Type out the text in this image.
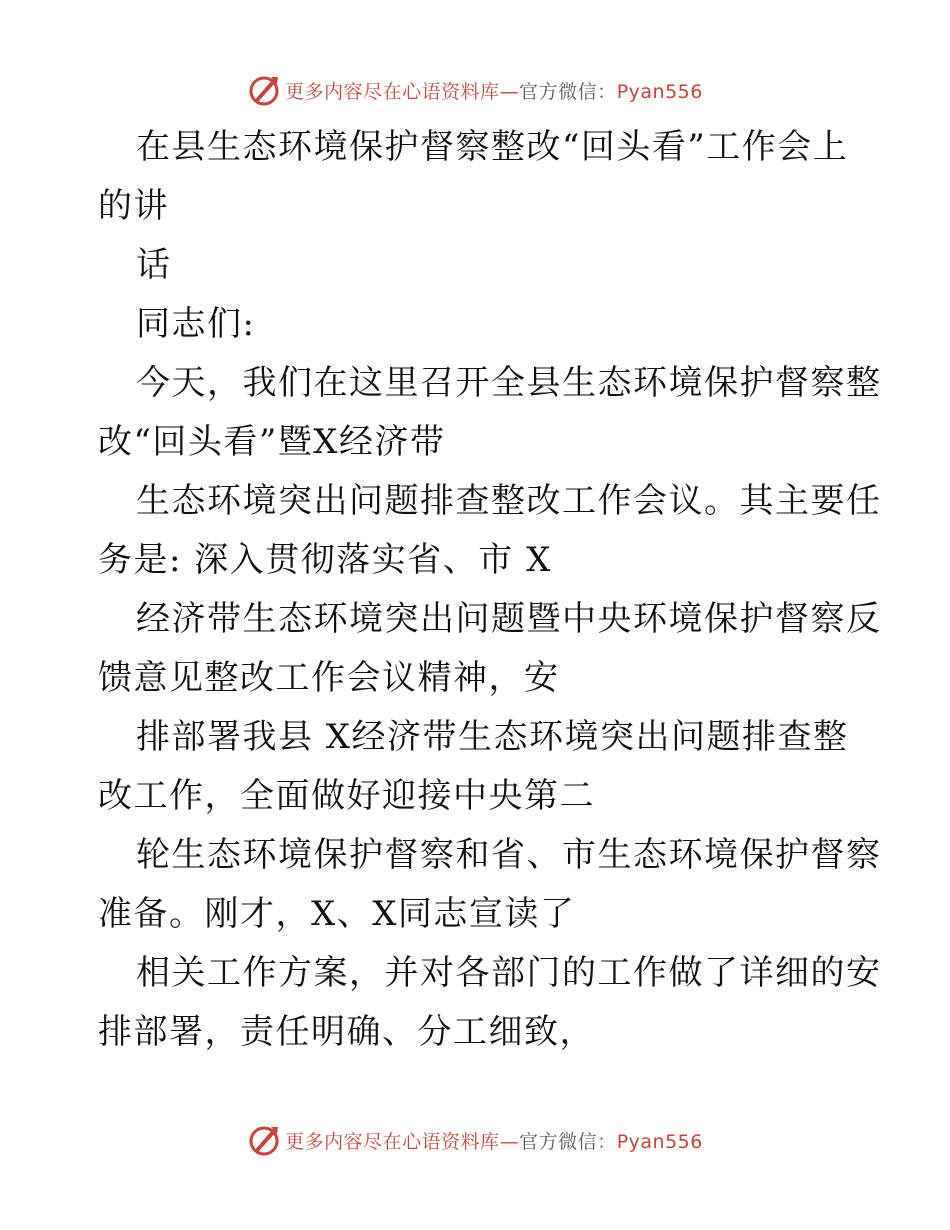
更多内容尽在心语资料库—官方微信：Pyan556
在县生态环境保护督察整改“回头看”工作会上
的讲
话
同志们:
今天，我们在这里召开全县生态环境保护督察整
改“回头看”暨X经济带
生态环境突出问题排查整改工作会议。其主要任
务是: 深入贯彻落实省、市 X
经济带生态环境突出问题暨中央环境保护督察反
馈意见整改工作会议精神，安
排部署我县 X经济带生态环境突出问题排查整
改工作，全面做好迎接中央第二
轮生态环境保护督察和省、市生态环境保护督察
准备。刚才，X、X同志宣读了
相关工作方案，并对各部门的工作做了详细的安
排部署，责任明确、分工细致，
更多内容尽在心语资料库—官方微信：Pyan556
